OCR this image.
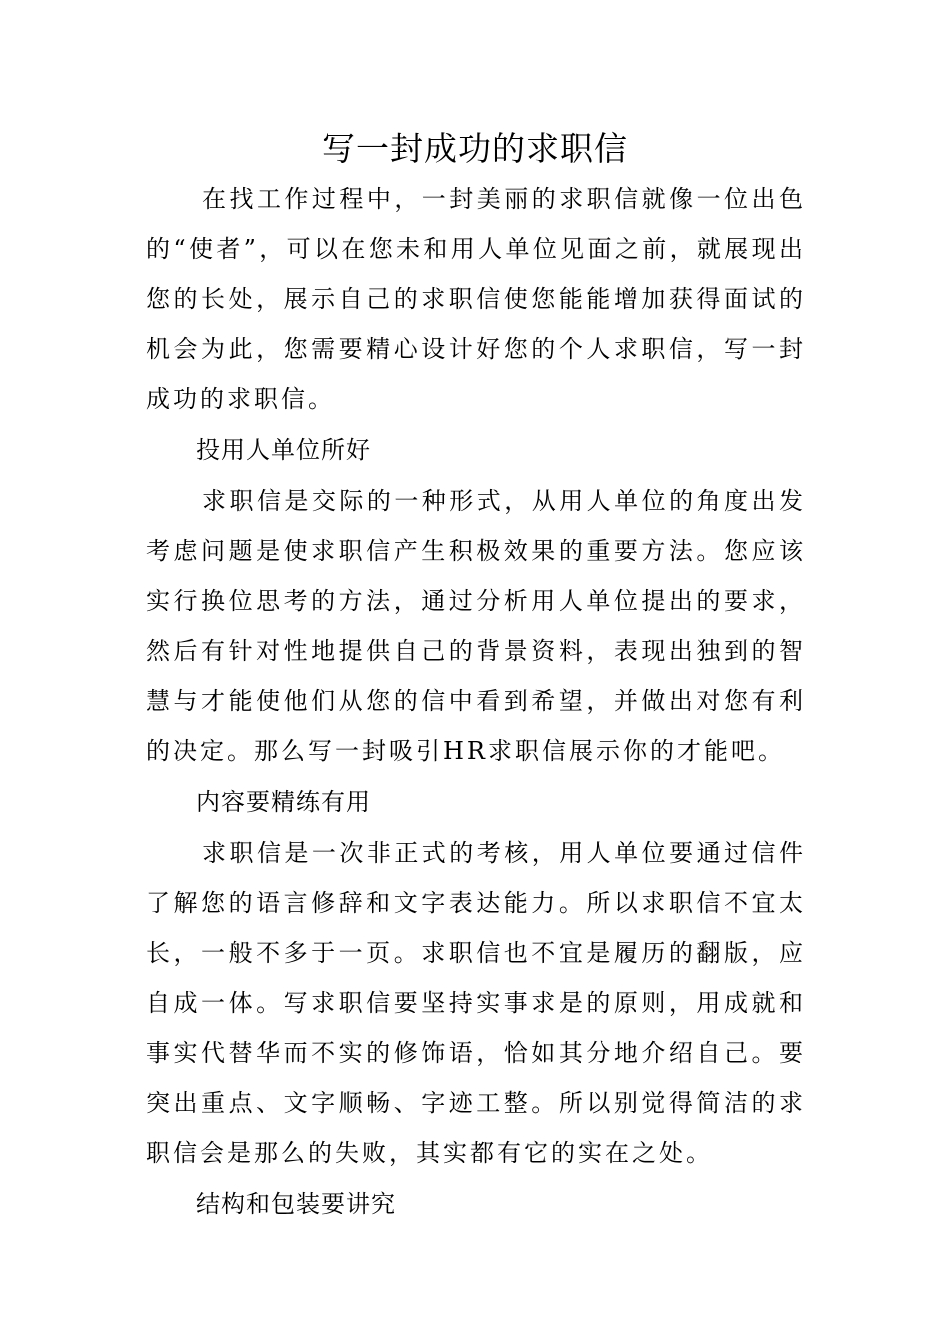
写一封成功的求职信

在找工作过程中，一封美丽的求职信就像一位出色的“使者”，可以在您未和用人单位见面之前，就展现出您的长处，展示自己的求职信使您能能增加获得面试的机会为此，您需要精心设计好您的个人求职信，写一封成功的求职信。

投用人单位所好

求职信是交际的一种形式，从用人单位的角度出发考虑问题是使求职信产生积极效果的重要方法。您应该实行换位思考的方法，通过分析用人单位提出的要求，然后有针对性地提供自己的背景资料，表现出独到的智慧与才能使他们从您的信中看到希望，并做出对您有利的决定。那么写一封吸引HR求职信展示你的才能吧。

内容要精练有用

求职信是一次非正式的考核，用人单位要通过信件了解您的语言修辞和文字表达能力。所以求职信不宜太长，一般不多于一页。求职信也不宜是履历的翻版，应自成一体。写求职信要坚持实事求是的原则，用成就和事实代替华而不实的修饰语，恰如其分地介绍自己。要突出重点、文字顺畅、字迹工整。所以别觉得简洁的求职信会是那么的失败，其实都有它的实在之处。

结构和包装要讲究
